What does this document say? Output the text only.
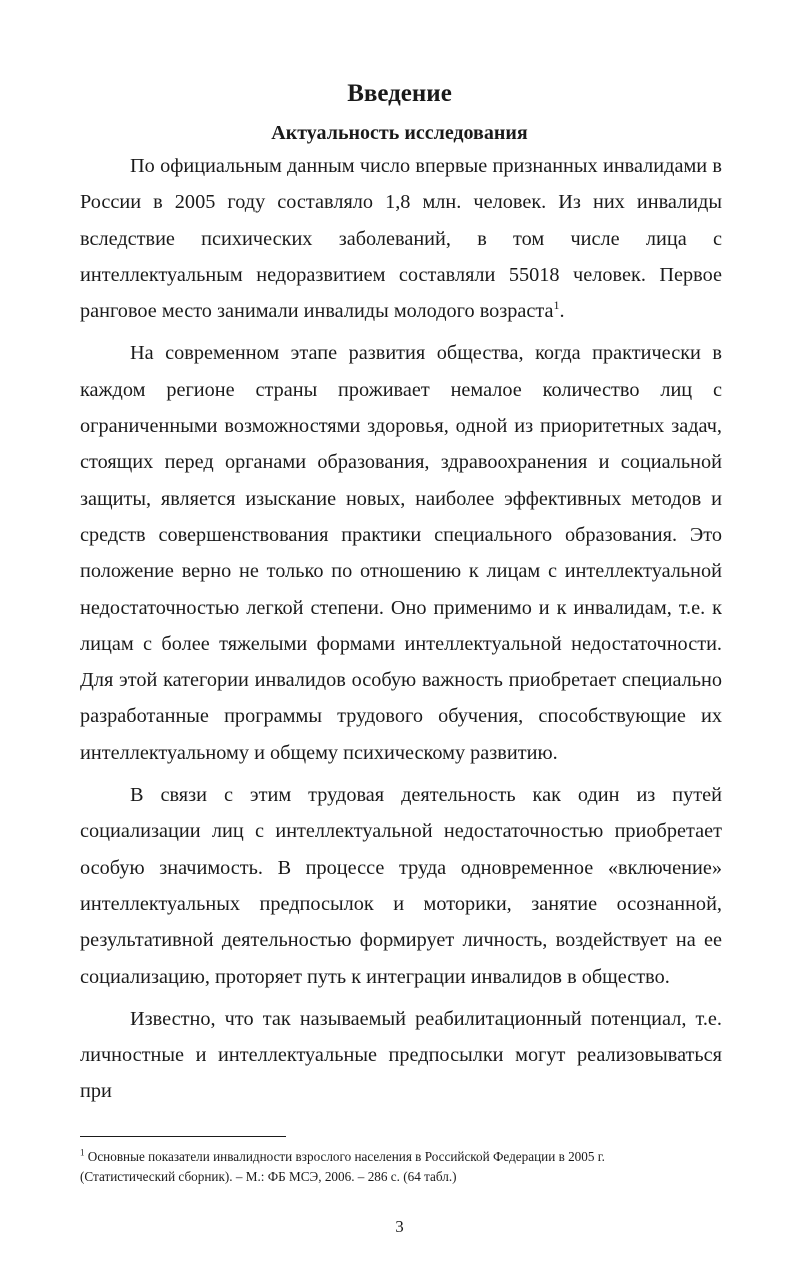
Введение
Актуальность исследования

По официальным данным число впервые признанных инвалидами в России в 2005 году составляло 1,8 млн. человек. Из них инвалиды вследствие психических заболеваний, в том числе лица с интеллектуальным недоразвитием составляли 55018 человек. Первое ранговое место занимали инвалиды молодого возраста$^1$.

На современном этапе развития общества, когда практически в каждом регионе страны проживает немалое количество лиц с ограниченными возможностями здоровья, одной из приоритетных задач, стоящих перед органами образования, здравоохранения и социальной защиты, является изыскание новых, наиболее эффективных методов и средств совершенствования практики специального образования. Это положение верно не только по отношению к лицам с интеллектуальной недостаточностью легкой степени. Оно применимо и к инвалидам, т.е. к лицам с более тяжелыми формами интеллектуальной недостаточности. Для этой категории инвалидов особую важность приобретает специально разработанные программы трудового обучения, способствующие их интеллектуальному и общему психическому развитию.

В связи с этим трудовая деятельность как один из путей социализации лиц с интеллектуальной недостаточностью приобретает особую значимость. В процессе труда одновременное «включение» интеллектуальных предпосылок и моторики, занятие осознанной, результативной деятельностью формирует личность, воздействует на ее социализацию, проторяет путь к интеграции инвалидов в общество.

Известно, что так называемый реабилитационный потенциал, т.е. личностные и интеллектуальные предпосылки могут реализовываться при

$^1$ Основные показатели инвалидности взрослого населения в Российской Федерации в 2005 г. (Статистический сборник). – М.: ФБ МСЭ, 2006. – 286 с. (64 табл.)
3
